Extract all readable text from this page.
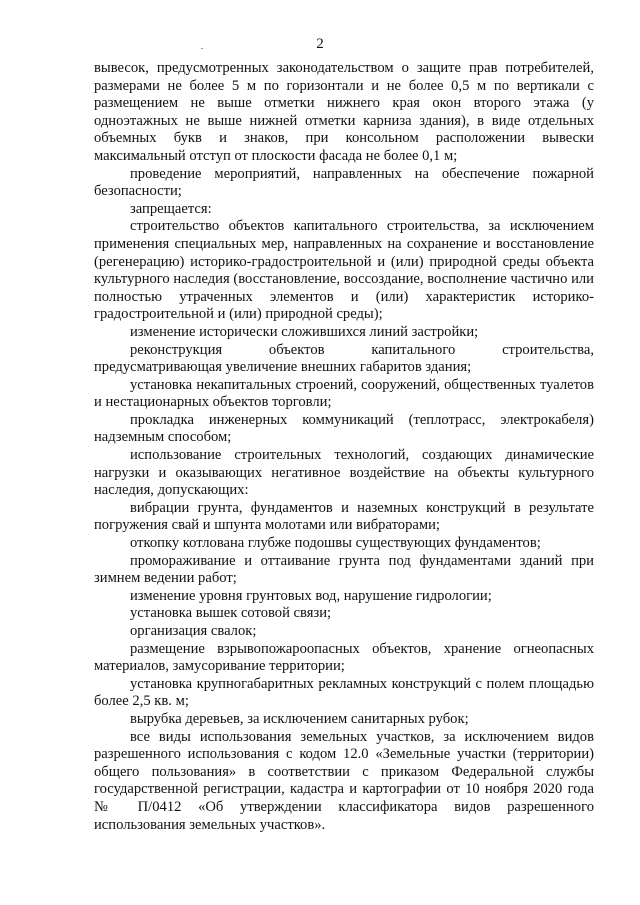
2

вывесок, предусмотренных законодательством о защите прав потребителей, размерами не более 5 м по горизонтали и не более 0,5 м по вертикали с размещением не выше отметки нижнего края окон второго этажа (у одноэтажных не выше нижней отметки карниза здания), в виде отдельных объемных букв и знаков, при консольном расположении вывески максимальный отступ от плоскости фасада не более 0,1 м;

проведение мероприятий, направленных на обеспечение пожарной безопасности;

запрещается:

строительство объектов капитального строительства, за исключением применения специальных мер, направленных на сохранение и восстановление (регенерацию) историко-градостроительной и (или) природной среды объекта культурного наследия (восстановление, воссоздание, восполнение частично или полностью утраченных элементов и (или) характеристик историко-градостроительной и (или) природной среды);

изменение исторически сложившихся линий застройки;

реконструкция объектов капитального строительства, предусматривающая увеличение внешних габаритов здания;

установка некапитальных строений, сооружений, общественных туалетов и нестационарных объектов торговли;

прокладка инженерных коммуникаций (теплотрасс, электрокабеля) надземным способом;

использование строительных технологий, создающих динамические нагрузки и оказывающих негативное воздействие на объекты культурного наследия, допускающих:

вибрации грунта, фундаментов и наземных конструкций в результате погружения свай и шпунта молотами или вибраторами;

откопку котлована глубже подошвы существующих фундаментов;

промораживание и оттаивание грунта под фундаментами зданий при зимнем ведении работ;

изменение уровня грунтовых вод, нарушение гидрологии;

установка вышек сотовой связи;

организация свалок;

размещение взрывопожароопасных объектов, хранение огнеопасных материалов, замусоривание территории;

установка крупногабаритных рекламных конструкций с полем площадью более 2,5 кв. м;

вырубка деревьев, за исключением санитарных рубок;

все виды использования земельных участков, за исключением видов разрешенного использования с кодом 12.0 «Земельные участки (территории) общего пользования» в соответствии с приказом Федеральной службы государственной регистрации, кадастра и картографии от 10 ноября 2020 года № П/0412 «Об утверждении классификатора видов разрешенного использования земельных участков».
